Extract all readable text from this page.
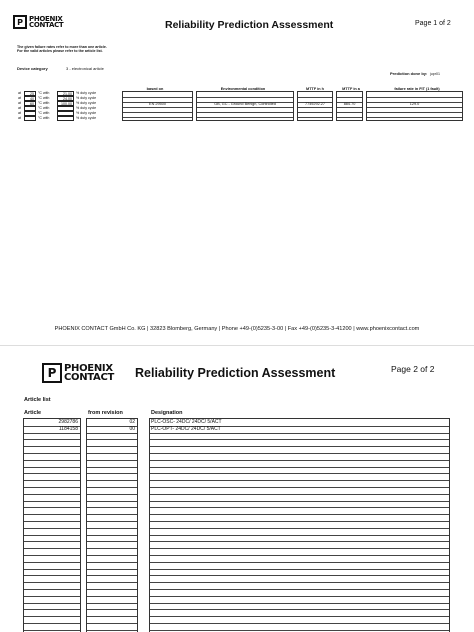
P PHOENIX
CONTACT	Reliability Prediction Assessment	Page 1 of 2
The given failure rates refer to more than one article.
For the valid articles please refer to the article list.
Device category	3 - electronical article
Prediction done by: jupr01
based on	Environmental condition	MTTF in h	MTTF in a	failure rate in FIT (1 fault)
at	25 °C with	21.00 % duty cycle
at	40 °C with	24.00 % duty cycle
at	60 °C with	100.00 % duty cycle
at	°C with	% duty cycle
at	°C with	% duty cycle
at	°C with	% duty cycle
EN 29500	GB, GC - Ground Benign, Controlled	7749292.27	884.70	129.0
PHOENIX CONTACT GmbH Co. KG | 32823 Blomberg, Germany | Phone +49-(0)5235-3-00 | Fax +49-(0)5235-3-41200 | www.phoenixcontact.com
P PHOENIX
CONTACT Reliability Prediction Assessment	Page 2 of 2
Article list
Article	from revision	Designation
2982786	02	PLC-OSC- 24DC/ 24DC/ 5/ACT
1184158	00	PLC-OPT- 24DC/ 24DC/ 5/ACT
